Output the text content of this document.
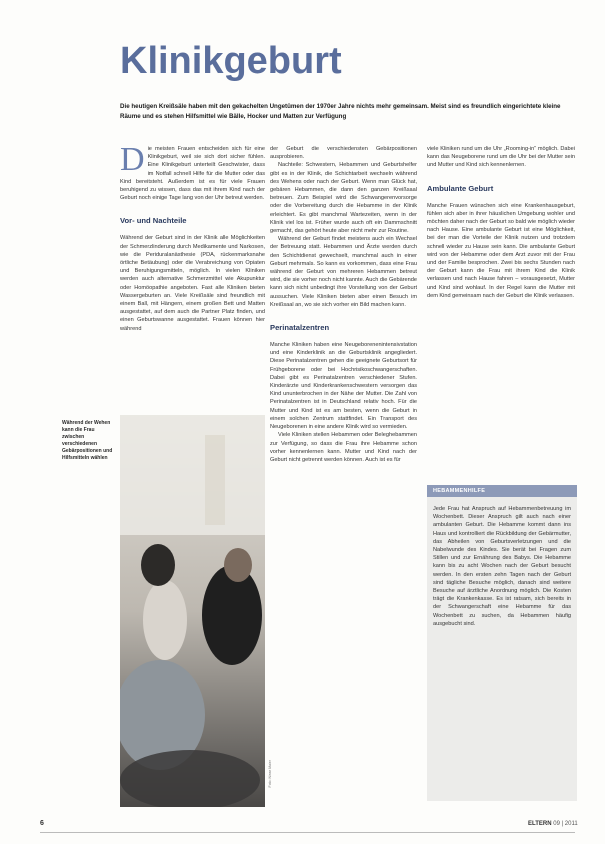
Klinikgeburt
Die heutigen Kreißsäle haben mit den gekachelten Ungetümen der 1970er Jahre nichts mehr gemeinsam. Meist sind es freundlich eingerichtete kleine Räume und es stehen Hilfsmittel wie Bälle, Hocker und Matten zur Verfügung

Die meisten Frauen entscheiden sich für eine Klinikgeburt, weil sie sich dort sicher fühlen. Eine Klinikgeburt unterteilt Geschwister, dass im Notfall schnell Hilfe für die Mutter oder das Kind bereitsteht. Außerdem ist es für viele Frauen beruhigend zu wissen, dass das mit ihrem Kind nach der Geburt noch einige Tage lang von der Uhr betreut werden.

Vor- und Nachteile

Während der Geburt sind in der Klinik alle Möglichkeiten der Schmerzlinderung durch Medikamente und Narkosen, wie die Periduralanästhesie (PDA, rückenmarksnahe örtliche Betäubung) oder die Verabreichung von Opiaten und Beruhigungsmitteln, möglich. In vielen Kliniken werden auch alternative Schmerzmittel wie Akupunktur oder Homöopathie angeboten. Fast alle Kliniken bieten Wassergeburten an. Viele Kreißsäle sind freundlich mit einem Ball, mit Hängern, einem großen Bett und Matten ausgestattet, auf dem auch die Partner Platz finden, und einen Geburtswanne ausgestattet. Frauen können hier während

der Geburt die verschiedensten Gebärpositionen ausprobieren.

Nachteile: Schwestern, Hebammen und Geburtshelfer gibt es in der Klinik, die Schichtarbeit wechseln während des Wehens oder nach der Geburt. Wenn man Glück hat, gebären Hebammen, die dann den ganzen Kreißsaal betreuen. Zum Beispiel wird die Schwangerenvorsorge oder die Vorbereitung durch die Hebamme in der Klinik erleichtert. Es gibt manchmal Wartezeiten, wenn in der Klinik viel los ist. Früher wurde auch oft ein Dammschnitt gemacht, das gehört heute aber nicht mehr zur Routine.

Während der Geburt findet meistens auch ein Wechsel der Betreuung statt. Hebammen und Ärzte werden durch den Schichtdienst gewechselt, manchmal auch in einer Geburt mehrmals. So kann es vorkommen, dass eine Frau während der Geburt von mehreren Hebammen betreut wird, die sie vorher noch nicht kannte. Auch die Gebärende kann sich nicht unbedingt ihre Vorstellung von der Geburt aussuchen. Viele Kliniken bieten aber einen Besuch im Kreißsaal an, wo sie sich vorher ein Bild machen kann.

Perinatalzentren

Manche Kliniken haben eine Neugeborenenintensivstation und eine Kinderklinik an die Geburtsklinik angegliedert. Diese Perinatalzentren gehen die geeignete Geburtsort für Frühgeborene oder bei Hochrisikoschwangerschaften. Dabei gibt es Perinatalzentren verschiedener Stufen. Kinderärzte und Kinderkrankenschwestern versorgen das Kind ununterbrochen in der Nähe der Mutter. Die Zahl von Perinatalzentren ist in Deutschland relativ hoch. Für die Mutter und Kind ist es am besten, wenn die Geburt in einem solchen Zentrum stattfindet. Ein Transport des Neugeborenen in eine andere Klinik wird so vermieden.

Viele Kliniken stellen Hebammen oder Beleghebammen zur Verfügung, so dass die Frau ihre Hebamme schon vorher kennenlernen kann. Mutter und Kind nach der Geburt nicht getrennt werden können. Auch ist es für

viele Kliniken rund um die Uhr „Rooming-in“ möglich. Dabei kann das Neugeborene rund um die Uhr bei der Mutter sein und Mutter und Kind sich kennenlernen.

Ambulante Geburt

Manche Frauen wünschen sich eine Krankenhausgeburt, fühlen sich aber in ihrer häuslichen Umgebung wohler und möchten daher nach der Geburt so bald wie möglich wieder nach Hause. Eine ambulante Geburt ist eine Möglichkeit, bei der man die Vorteile der Klinik nutzen und trotzdem schnell wieder zu Hause sein kann. Die ambulante Geburt wird von der Hebamme oder dem Arzt zuvor mit der Frau und der Familie besprochen. Zwei bis sechs Stunden nach der Geburt kann die Frau mit ihrem Kind die Klinik verlassen und nach Hause fahren – vorausgesetzt, Mutter und Kind sind wohlauf. In der Regel kann die Mutter mit dem Kind gemeinsam nach der Geburt die Klinik verlassen.

HEBAMMENHILFE
Jede Frau hat Anspruch auf Hebammenbetreuung im Wochenbett. Dieser Anspruch gilt auch nach einer ambulanten Geburt. Die Hebamme kommt dann ins Haus und kontrolliert die Rückbildung der Gebärmutter, das Abheilen von Geburtsverletzungen und die Nabelwunde des Kindes. Sie berät bei Fragen zum Stillen und zur Ernährung des Babys. Die Hebamme kann bis zu acht Wochen nach der Geburt besucht werden. In den ersten zehn Tagen nach der Geburt sind tägliche Besuche möglich, danach sind weitere Besuche auf ärztliche Anordnung möglich. Die Kosten trägt die Krankenkasse. Es ist ratsam, sich bereits in der Schwangerschaft eine Hebamme für das Wochenbett zu suchen, da Hebammen häufig ausgebucht sind.
Während der Wehen kann die Frau zwischen verschiedenen Gebärpositionen und Hilfsmitteln wählen
Foto: Nisse Maier
6	ELTERN 09 | 2011
